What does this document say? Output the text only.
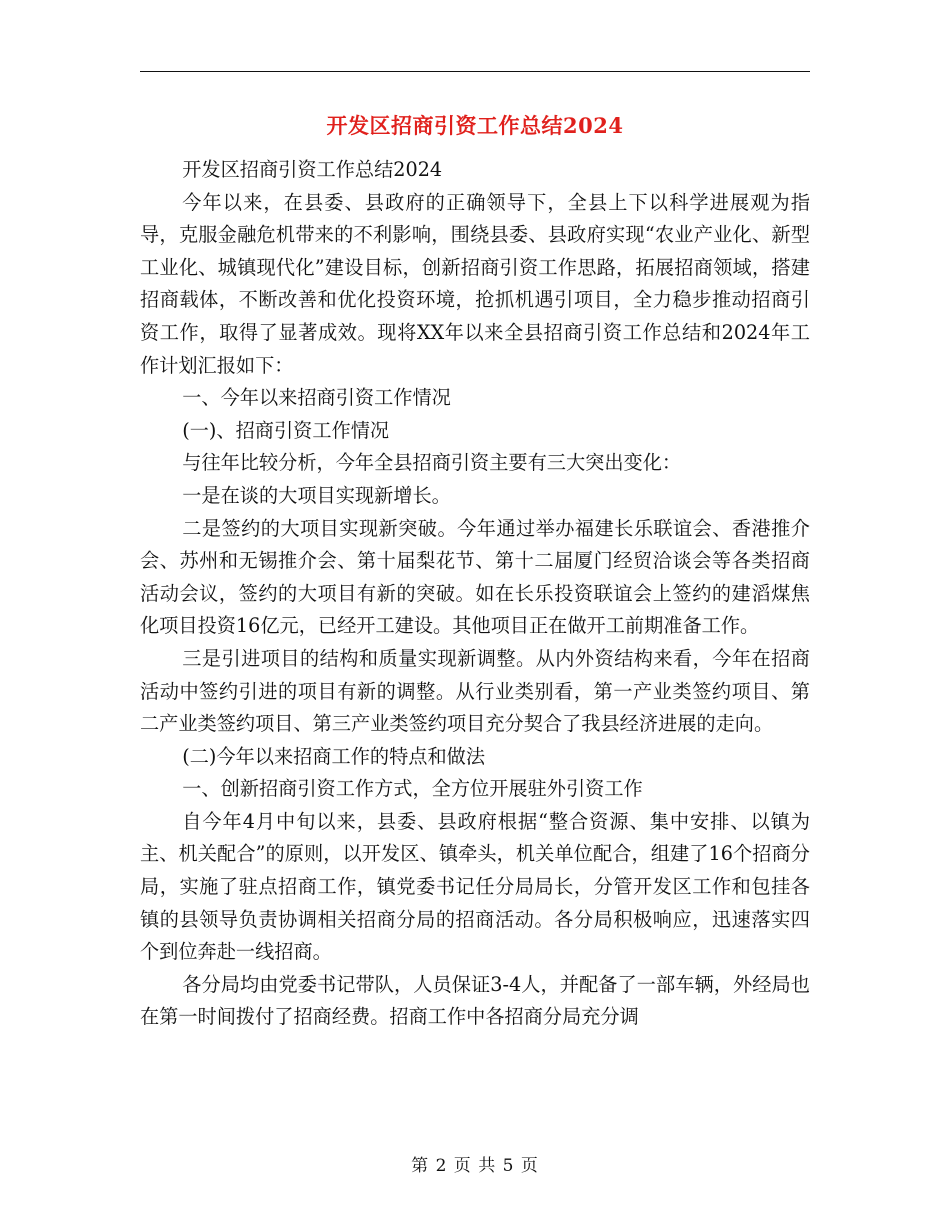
开发区招商引资工作总结2024

开发区招商引资工作总结2024

今年以来，在县委、县政府的正确领导下，全县上下以科学进展观为指导，克服金融危机带来的不利影响，围绕县委、县政府实现“农业产业化、新型工业化、城镇现代化”建设目标，创新招商引资工作思路，拓展招商领域，搭建招商载体，不断改善和优化投资环境，抢抓机遇引项目，全力稳步推动招商引资工作，取得了显著成效。现将XX年以来全县招商引资工作总结和2024年工作计划汇报如下：

一、今年以来招商引资工作情况

(一)、招商引资工作情况

与往年比较分析，今年全县招商引资主要有三大突出变化：

一是在谈的大项目实现新增长。

二是签约的大项目实现新突破。今年通过举办福建长乐联谊会、香港推介会、苏州和无锡推介会、第十届梨花节、第十二届厦门经贸洽谈会等各类招商活动会议，签约的大项目有新的突破。如在长乐投资联谊会上签约的建滔煤焦化项目投资16亿元，已经开工建设。其他项目正在做开工前期准备工作。

三是引进项目的结构和质量实现新调整。从内外资结构来看，今年在招商活动中签约引进的项目有新的调整。从行业类别看，第一产业类签约项目、第二产业类签约项目、第三产业类签约项目充分契合了我县经济进展的走向。

(二)今年以来招商工作的特点和做法

一、创新招商引资工作方式，全方位开展驻外引资工作

自今年4月中旬以来，县委、县政府根据“整合资源、集中安排、以镇为主、机关配合”的原则，以开发区、镇牵头，机关单位配合，组建了16个招商分局，实施了驻点招商工作，镇党委书记任分局局长，分管开发区工作和包挂各镇的县领导负责协调相关招商分局的招商活动。各分局积极响应，迅速落实四个到位奔赴一线招商。

各分局均由党委书记带队，人员保证3-4人，并配备了一部车辆，外经局也在第一时间拨付了招商经费。招商工作中各招商分局充分调

第 2 页 共 5 页
